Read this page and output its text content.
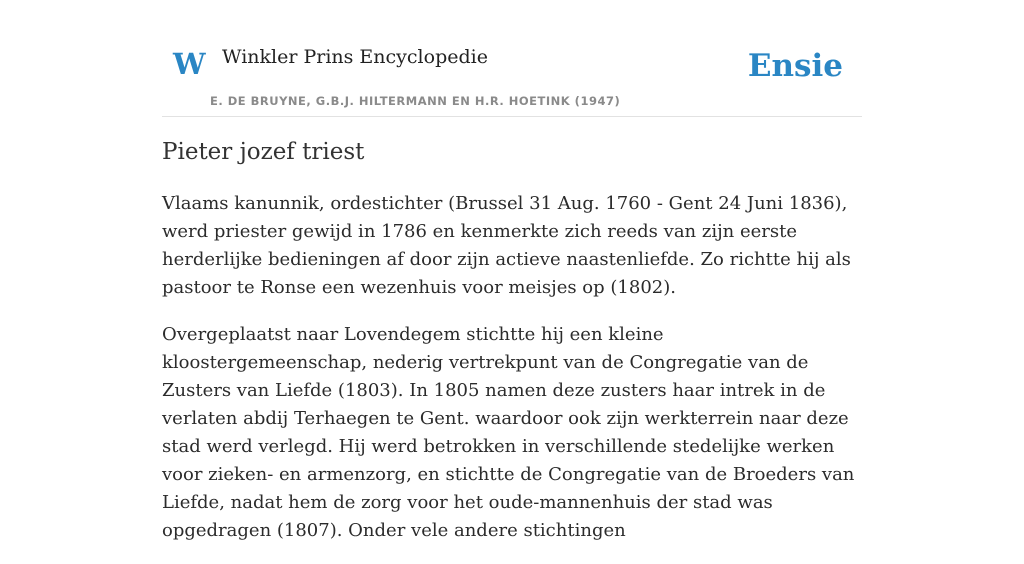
W Winkler Prins Encyclopedie
E. DE BRUYNE, G.B.J. HILTERMANN EN H.R. HOETINK (1947)
Ensie
Pieter jozef triest

Vlaams kanunnik, ordestichter (Brussel 31 Aug. 1760 - Gent 24 Juni 1836), werd priester gewijd in 1786 en kenmerkte zich reeds van zijn eerste herderlijke bedieningen af door zijn actieve naastenliefde. Zo richtte hij als pastoor te Ronse een wezenhuis voor meisjes op (1802).

Overgeplaatst naar Lovendegem stichtte hij een kleine kloostergemeenschap, nederig vertrekpunt van de Congregatie van de Zusters van Liefde (1803). In 1805 namen deze zusters haar intrek in de verlaten abdij Terhaegen te Gent. waardoor ook zijn werkterrein naar deze stad werd verlegd. Hij werd betrokken in verschillende stedelijke werken voor zieken- en armenzorg, en stichtte de Congregatie van de Broeders van Liefde, nadat hem de zorg voor het oude-mannenhuis der stad was opgedragen (1807). Onder vele andere stichtingen
